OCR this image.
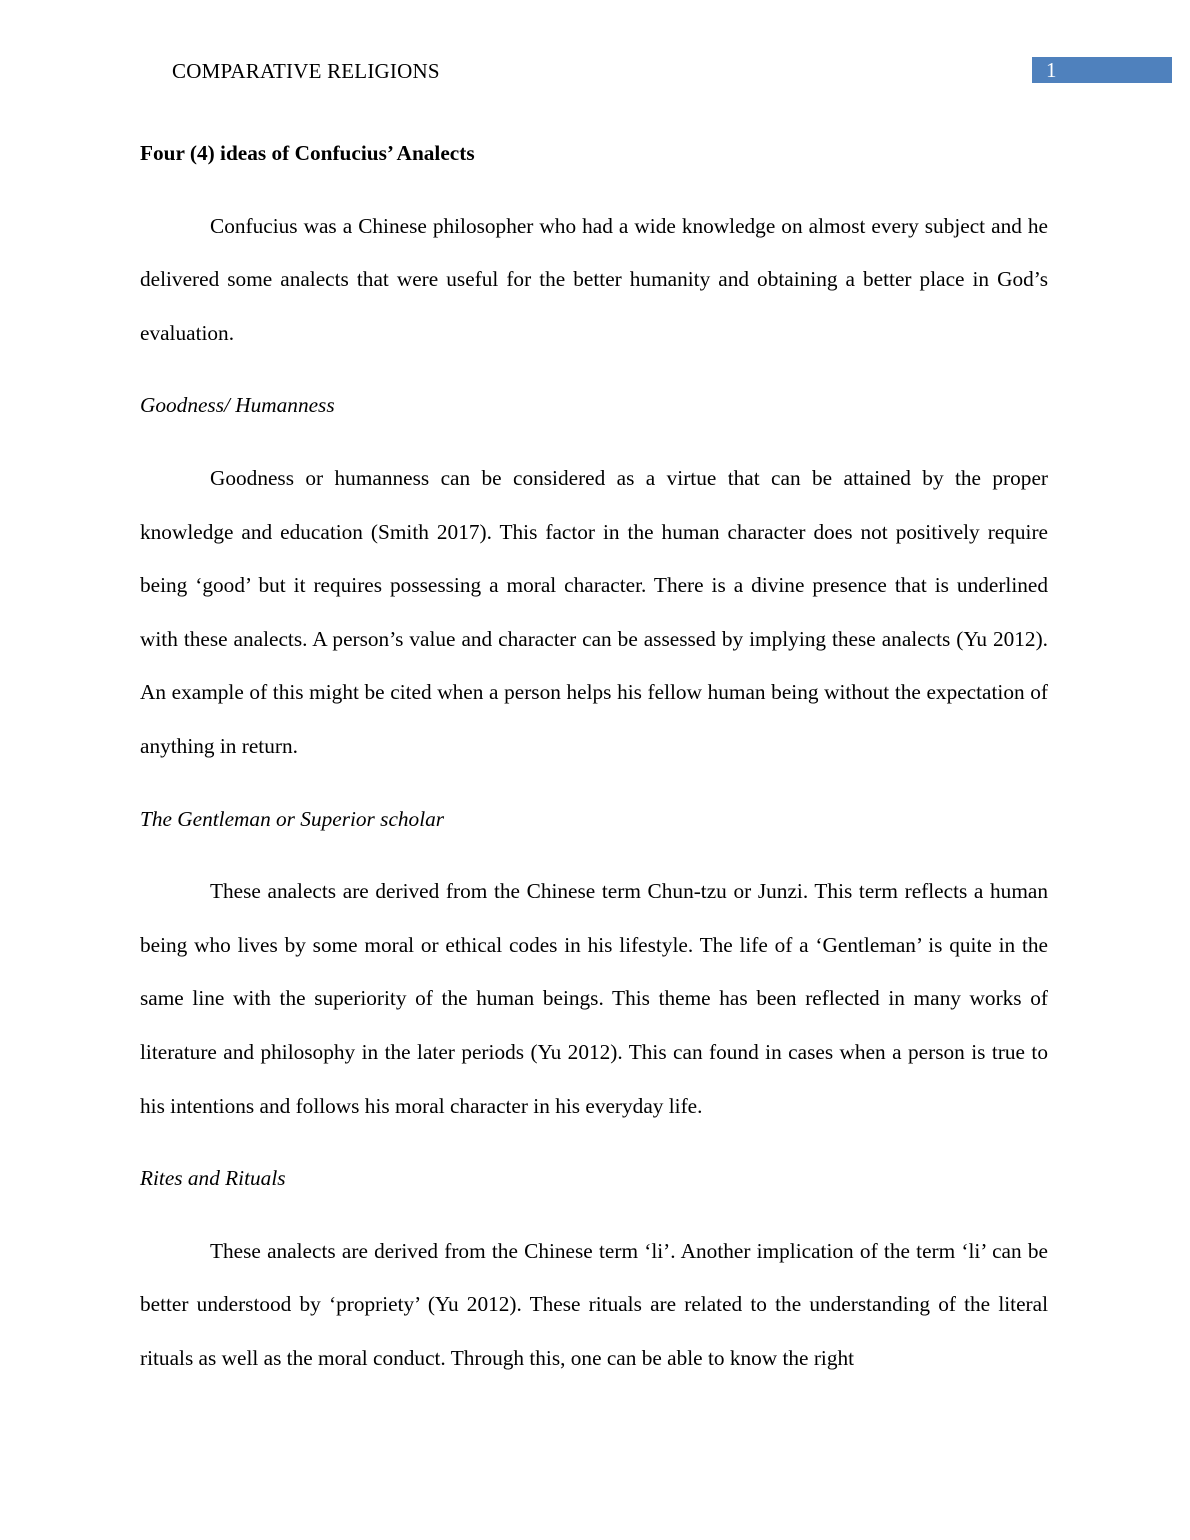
COMPARATIVE RELIGIONS	1
Four (4) ideas of Confucius’ Analects

Confucius was a Chinese philosopher who had a wide knowledge on almost every subject and he delivered some analects that were useful for the better humanity and obtaining a better place in God’s evaluation.

Goodness/ Humanness

Goodness or humanness can be considered as a virtue that can be attained by the proper knowledge and education (Smith 2017). This factor in the human character does not positively require being ‘good’ but it requires possessing a moral character. There is a divine presence that is underlined with these analects. A person’s value and character can be assessed by implying these analects (Yu 2012). An example of this might be cited when a person helps his fellow human being without the expectation of anything in return.

The Gentleman or Superior scholar

These analects are derived from the Chinese term Chun-tzu or Junzi. This term reflects a human being who lives by some moral or ethical codes in his lifestyle. The life of a ‘Gentleman’ is quite in the same line with the superiority of the human beings. This theme has been reflected in many works of literature and philosophy in the later periods (Yu 2012). This can found in cases when a person is true to his intentions and follows his moral character in his everyday life.

Rites and Rituals

These analects are derived from the Chinese term ‘li’. Another implication of the term ‘li’ can be better understood by ‘propriety’ (Yu 2012). These rituals are related to the understanding of the literal rituals as well as the moral conduct. Through this, one can be able to know the right
